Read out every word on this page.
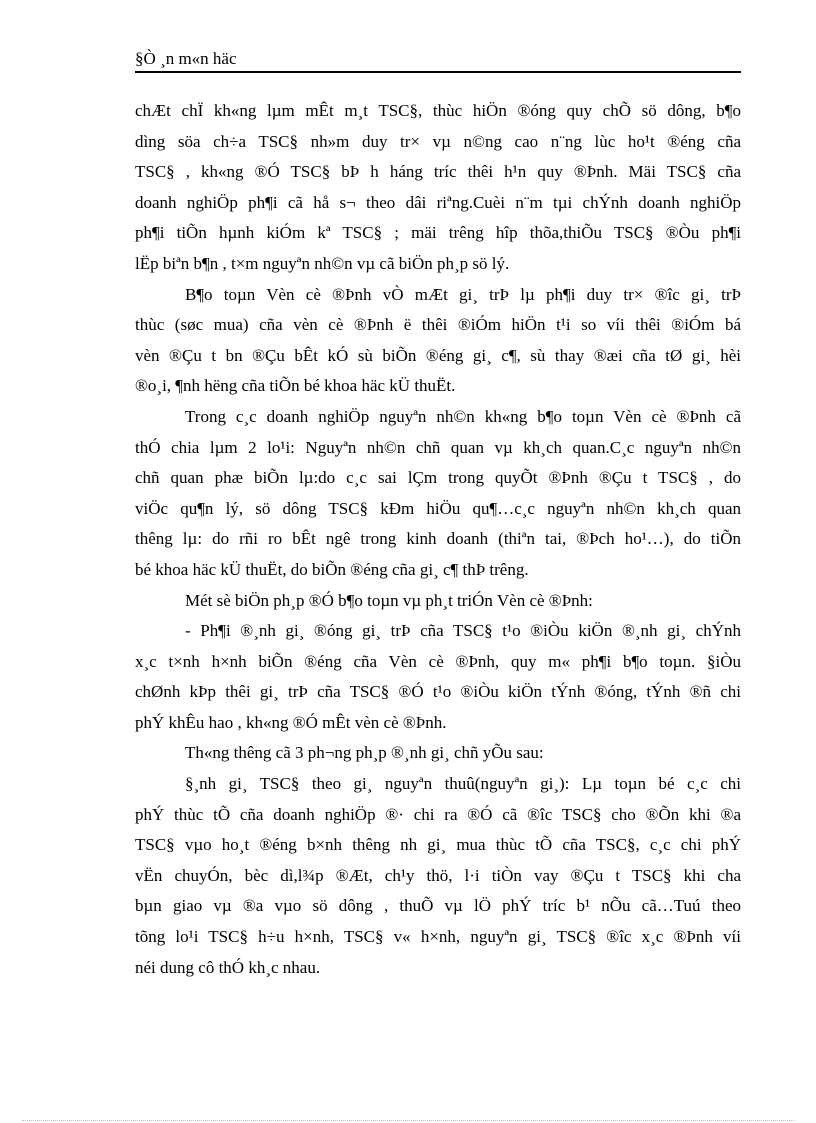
§Ò ¸n m«n häc
chÆt chÏ kh«ng lµm mÊt m¸t TSC§, thùc hiÖn ®óng quy chÕ sö dông, b¶o
dìng söa ch÷a TSC§ nh»m duy tr× vµ n©ng cao n¨ng lùc ho¹t ®éng cña
TSC§ , kh«ng ®Ó TSC§ bÞ h háng tríc thêi h¹n quy ®Þnh. Mäi TSC§ cña
doanh nghiÖp ph¶i cã hå s¬ theo dâi riªng.Cuèi n¨m tµi chÝnh doanh nghiÖp
ph¶i tiÕn hµnh kiÓm kª TSC§ ; mäi trêng hîp thõa,thiÕu TSC§ ®Òu ph¶i
lËp biªn b¶n , t×m nguyªn nh©n vµ cã biÖn ph¸p sö lý.
B¶o toµn Vèn cè ®Þnh vÒ mÆt gi¸ trÞ lµ ph¶i duy tr× ®îc gi¸ trÞ
thùc (søc mua) cña vèn cè ®Þnh ë thêi ®iÓm hiÖn t¹i so víi thêi ®iÓm bá
vèn ®Çu t bn ®Çu bÊt kÓ sù biÕn ®éng gi¸ c¶, sù thay ®æi cña tØ gi¸ hèi
®o¸i, ¶nh hëng cña tiÕn bé khoa häc kÜ thuËt.
Trong c¸c doanh nghiÖp nguyªn nh©n kh«ng b¶o toµn Vèn cè ®Þnh cã
thÓ chia lµm 2 lo¹i: Nguyªn nh©n chñ quan vµ kh¸ch quan.C¸c nguyªn nh©n
chñ quan phæ biÕn lµ:do c¸c sai lÇm trong quyÕt ®Þnh ®Çu t TSC§ , do
viÖc qu¶n lý, sö dông TSC§ kÐm hiÖu qu¶…c¸c nguyªn nh©n kh¸ch quan
thêng lµ: do rñi ro bÊt ngê trong kinh doanh (thiªn tai, ®Þch ho¹…), do tiÕn
bé khoa häc kÜ thuËt, do biÕn ®éng cña gi¸ c¶ thÞ trêng.
Mét sè biÖn ph¸p ®Ó b¶o toµn vµ ph¸t triÓn Vèn cè ®Þnh:
- Ph¶i ®¸nh gi¸ ®óng gi¸ trÞ cña TSC§ t¹o ®iÒu kiÖn ®¸nh gi¸ chÝnh
x¸c t×nh h×nh biÕn ®éng cña Vèn cè ®Þnh, quy m« ph¶i b¶o toµn. §iÒu
chØnh kÞp thêi gi¸ trÞ cña TSC§ ®Ó t¹o ®iÒu kiÖn tÝnh ®óng, tÝnh ®ñ chi
phÝ khÊu hao , kh«ng ®Ó mÊt vèn cè ®Þnh.
Th«ng thêng cã 3 ph¬ng ph¸p ®¸nh gi¸ chñ yÕu sau:
§¸nh gi¸ TSC§ theo gi¸ nguyªn thuû(nguyªn gi¸): Lµ toµn bé c¸c chi
phÝ thùc tÕ cña doanh nghiÖp ®· chi ra ®Ó cã ®îc TSC§ cho ®Õn khi ®a
TSC§ vµo ho¸t ®éng b×nh thêng nh gi¸ mua thùc tÕ cña TSC§, c¸c chi phÝ
vËn chuyÓn, bèc dì,l¾p ®Æt, ch¹y thö, l·i tiÒn vay ®Çu t TSC§ khi cha
bµn giao vµ ®a vµo sö dông , thuÕ vµ lÖ phÝ tríc b¹ nÕu cã…Tuú theo
tõng lo¹i TSC§ h÷u h×nh, TSC§ v« h×nh, nguyªn gi¸ TSC§ ®îc x¸c ®Þnh víi
néi dung cô thÓ kh¸c nhau.
